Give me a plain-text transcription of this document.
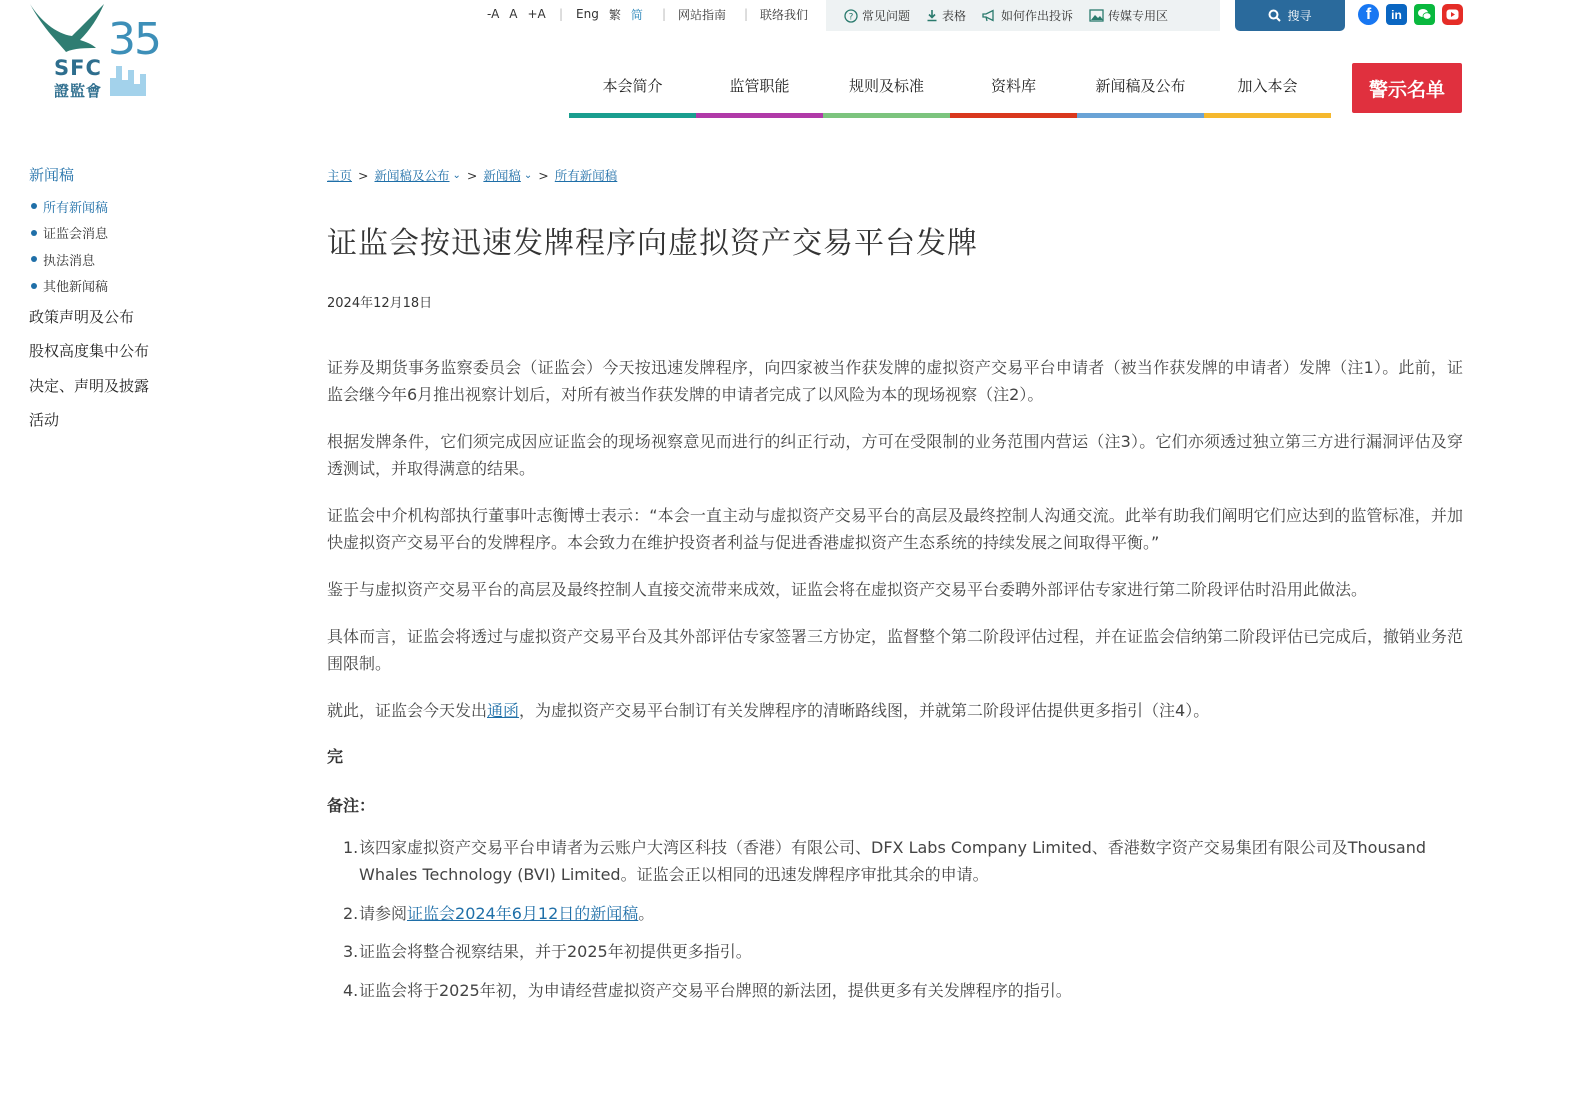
35
SFC
證監會
-A A +A | Eng 繁 简 | 网站指南 | 联络我们	? 常见问题	表格	如何作出投诉	传媒专用区	搜寻	f	in
本会简介	监管职能	规则及标准	资料库	新闻稿及公布	加入本会	警示名单
新闻稿
所有新闻稿
证监会消息
执法消息
其他新闻稿
政策声明及公布
股权高度集中公布
决定、声明及披露
活动
主页 > 新闻稿及公布 ⌄ > 新闻稿 ⌄ > 所有新闻稿
证监会按迅速发牌程序向虚拟资产交易平台发牌
2024年12月18日

证券及期货事务监察委员会（证监会）今天按迅速发牌程序，向四家被当作获发牌的虚拟资产交易平台申请者（被当作获发牌的申请者）发牌（注1）。此前，证监会继今年6月推出视察计划后，对所有被当作获发牌的申请者完成了以风险为本的现场视察（注2）。

根据发牌条件，它们须完成因应证监会的现场视察意见而进行的纠正行动，方可在受限制的业务范围内营运（注3）。它们亦须透过独立第三方进行漏洞评估及穿透测试，并取得满意的结果。

证监会中介机构部执行董事叶志衡博士表示：“本会一直主动与虚拟资产交易平台的高层及最终控制人沟通交流。此举有助我们阐明它们应达到的监管标准，并加快虚拟资产交易平台的发牌程序。本会致力在维护投资者利益与促进香港虚拟资产生态系统的持续发展之间取得平衡。”

鉴于与虚拟资产交易平台的高层及最终控制人直接交流带来成效，证监会将在虚拟资产交易平台委聘外部评估专家进行第二阶段评估时沿用此做法。

具体而言，证监会将透过与虚拟资产交易平台及其外部评估专家签署三方协定，监督整个第二阶段评估过程，并在证监会信纳第二阶段评估已完成后，撤销业务范围限制。

就此，证监会今天发出通函，为虚拟资产交易平台制订有关发牌程序的清晰路线图，并就第二阶段评估提供更多指引（注4）。

完
备注：
1. 该四家虚拟资产交易平台申请者为云账户大湾区科技（香港）有限公司、DFX Labs Company Limited、香港数字资产交易集团有限公司及Thousand Whales Technology (BVI) Limited。证监会正以相同的迅速发牌程序审批其余的申请。
2. 请参阅证监会2024年6月12日的新闻稿。
3. 证监会将整合视察结果，并于2025年初提供更多指引。
4. 证监会将于2025年初，为申请经营虚拟资产交易平台牌照的新法团，提供更多有关发牌程序的指引。
